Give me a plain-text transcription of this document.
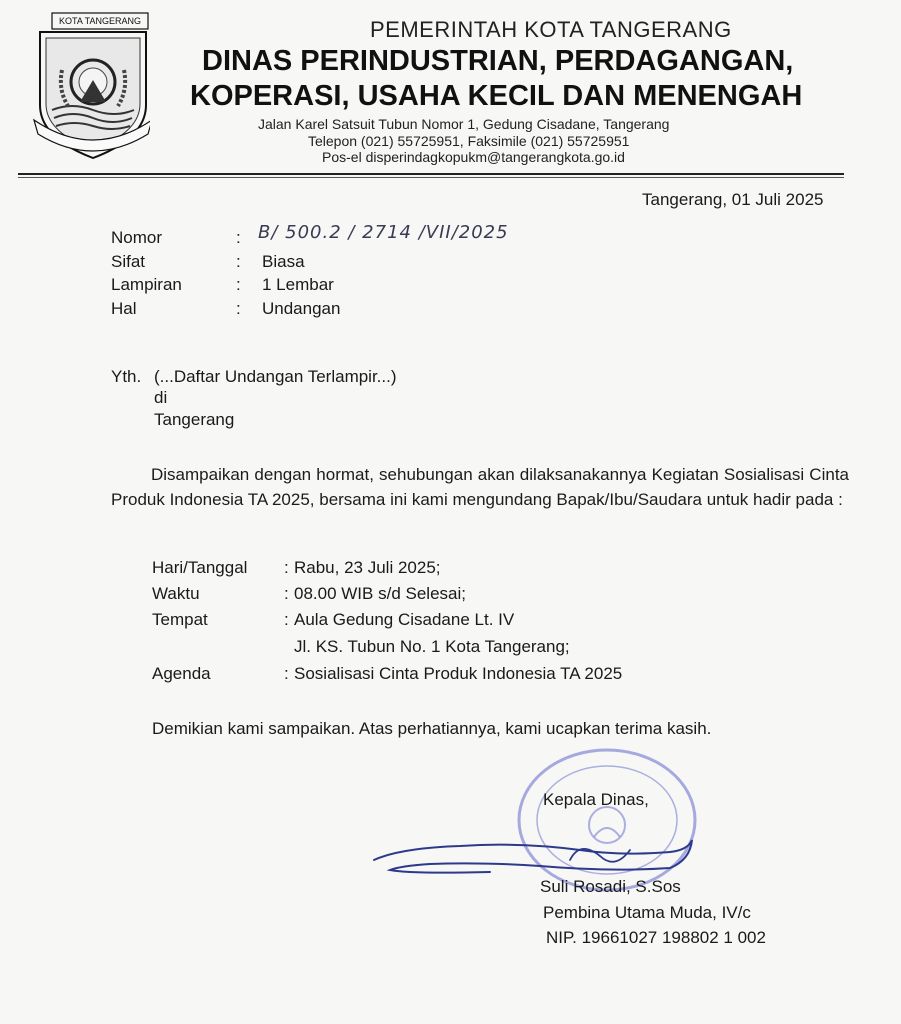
KOTA TANGERANG	PEMERINTAH KOTA TANGERANG
DINAS PERINDUSTRIAN, PERDAGANGAN,
KOPERASI, USAHA KECIL DAN MENENGAH
Jalan Karel Satsuit Tubun Nomor 1, Gedung Cisadane, Tangerang
Telepon (021) 55725951, Faksimile (021) 55725951
Pos-el disperindagkopukm@tangerangkota.go.id
Tangerang, 01 Juli 2025
Nomor	: B/ 500.2 / 2714 /VII/2025
Sifat	: Biasa
Lampiran	: 1 Lembar
Hal	: Undangan
Yth. (...Daftar Undangan Terlampir...)
di
Tangerang
Disampaikan dengan hormat, sehubungan akan dilaksanakannya Kegiatan Sosialisasi Cinta Produk Indonesia TA 2025, bersama ini kami mengundang Bapak/Ibu/Saudara untuk hadir pada :
Hari/Tanggal : Rabu, 23 Juli 2025;
Waktu	: 08.00 WIB s/d Selesai;
Tempat	: Aula Gedung Cisadane Lt. IV
Jl. KS. Tubun No. 1 Kota Tangerang;
Agenda	: Sosialisasi Cinta Produk Indonesia TA 2025
Demikian kami sampaikan. Atas perhatiannya, kami ucapkan terima kasih.
Kepala Dinas,
Suli Rosadi, S.Sos
Pembina Utama Muda, IV/c
NIP. 19661027 198802 1 002
